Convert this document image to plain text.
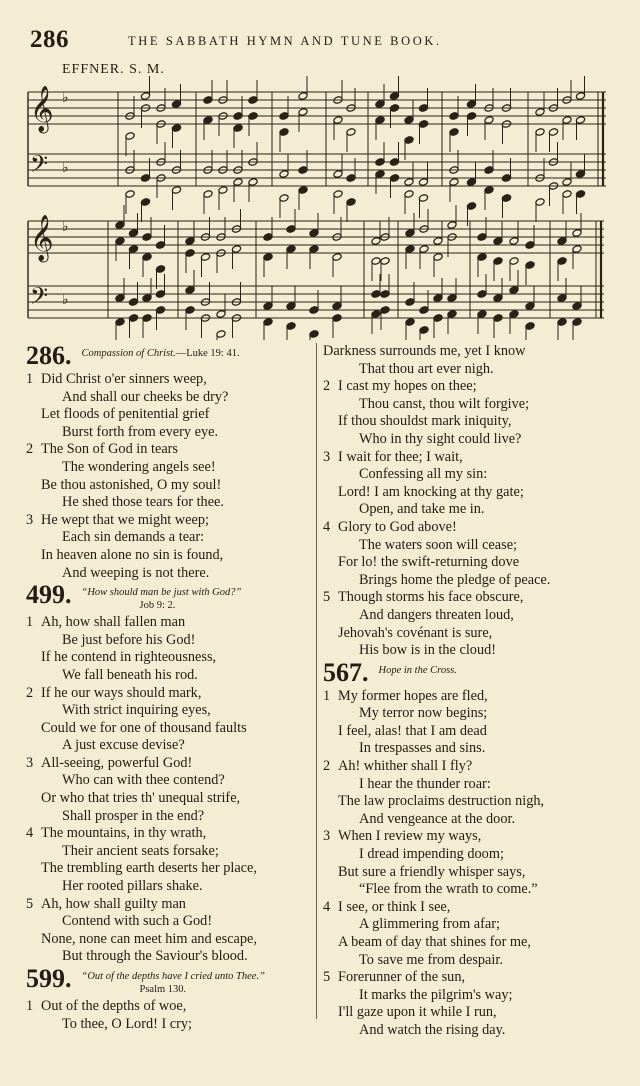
286	THE SABBATH HYMN AND TUNE BOOK.
EFFNER. S. M.
𝄞
𝄢
♭
♭
𝄞
𝄢
♭
♭
286. Compassion of Christ.—Luke 19: 41.
1 Did Christ o'er sinners weep,
And shall our cheeks be dry?
Let floods of penitential grief
Burst forth from every eye.
2 The Son of God in tears
The wondering angels see!
Be thou astonished, O my soul!
He shed those tears for thee.
3 He wept that we might weep;
Each sin demands a tear:
In heaven alone no sin is found,
And weeping is not there.
499. “How should man be just with God?”
Job 9: 2.
1 Ah, how shall fallen man
Be just before his God!
If he contend in righteousness,
We fall beneath his rod.
2 If he our ways should mark,
With strict inquiring eyes,
Could we for one of thousand faults
A just excuse devise?
3 All-seeing, powerful God!
Who can with thee contend?
Or who that tries th' unequal strife,
Shall prosper in the end?
4 The mountains, in thy wrath,
Their ancient seats forsake;
The trembling earth deserts her place,
Her rooted pillars shake.
5 Ah, how shall guilty man
Contend with such a God!
None, none can meet him and escape,
But through the Saviour's blood.
599. “Out of the depths have I cried unto Thee.”
Psalm 130.
1 Out of the depths of woe,
To thee, O Lord! I cry;
Darkness surrounds me, yet I know
That thou art ever nigh.
2 I cast my hopes on thee;
Thou canst, thou wilt forgive;
If thou shouldst mark iniquity,
Who in thy sight could live?
3 I wait for thee; I wait,
Confessing all my sin:
Lord! I am knocking at thy gate;
Open, and take me in.
4 Glory to God above!
The waters soon will cease;
For lo! the swift-returning dove
Brings home the pledge of peace.
5 Though storms his face obscure,
And dangers threaten loud,
Jehovah's covénant is sure,
His bow is in the cloud!
567. Hope in the Cross.
1 My former hopes are fled,
My terror now begins;
I feel, alas! that I am dead
In trespasses and sins.
2 Ah! whither shall I fly?
I hear the thunder roar:
The law proclaims destruction nigh,
And vengeance at the door.
3 When I review my ways,
I dread impending doom;
But sure a friendly whisper says,
“Flee from the wrath to come.”
4 I see, or think I see,
A glimmering from afar;
A beam of day that shines for me,
To save me from despair.
5 Forerunner of the sun,
It marks the pilgrim's way;
I'll gaze upon it while I run,
And watch the rising day.
